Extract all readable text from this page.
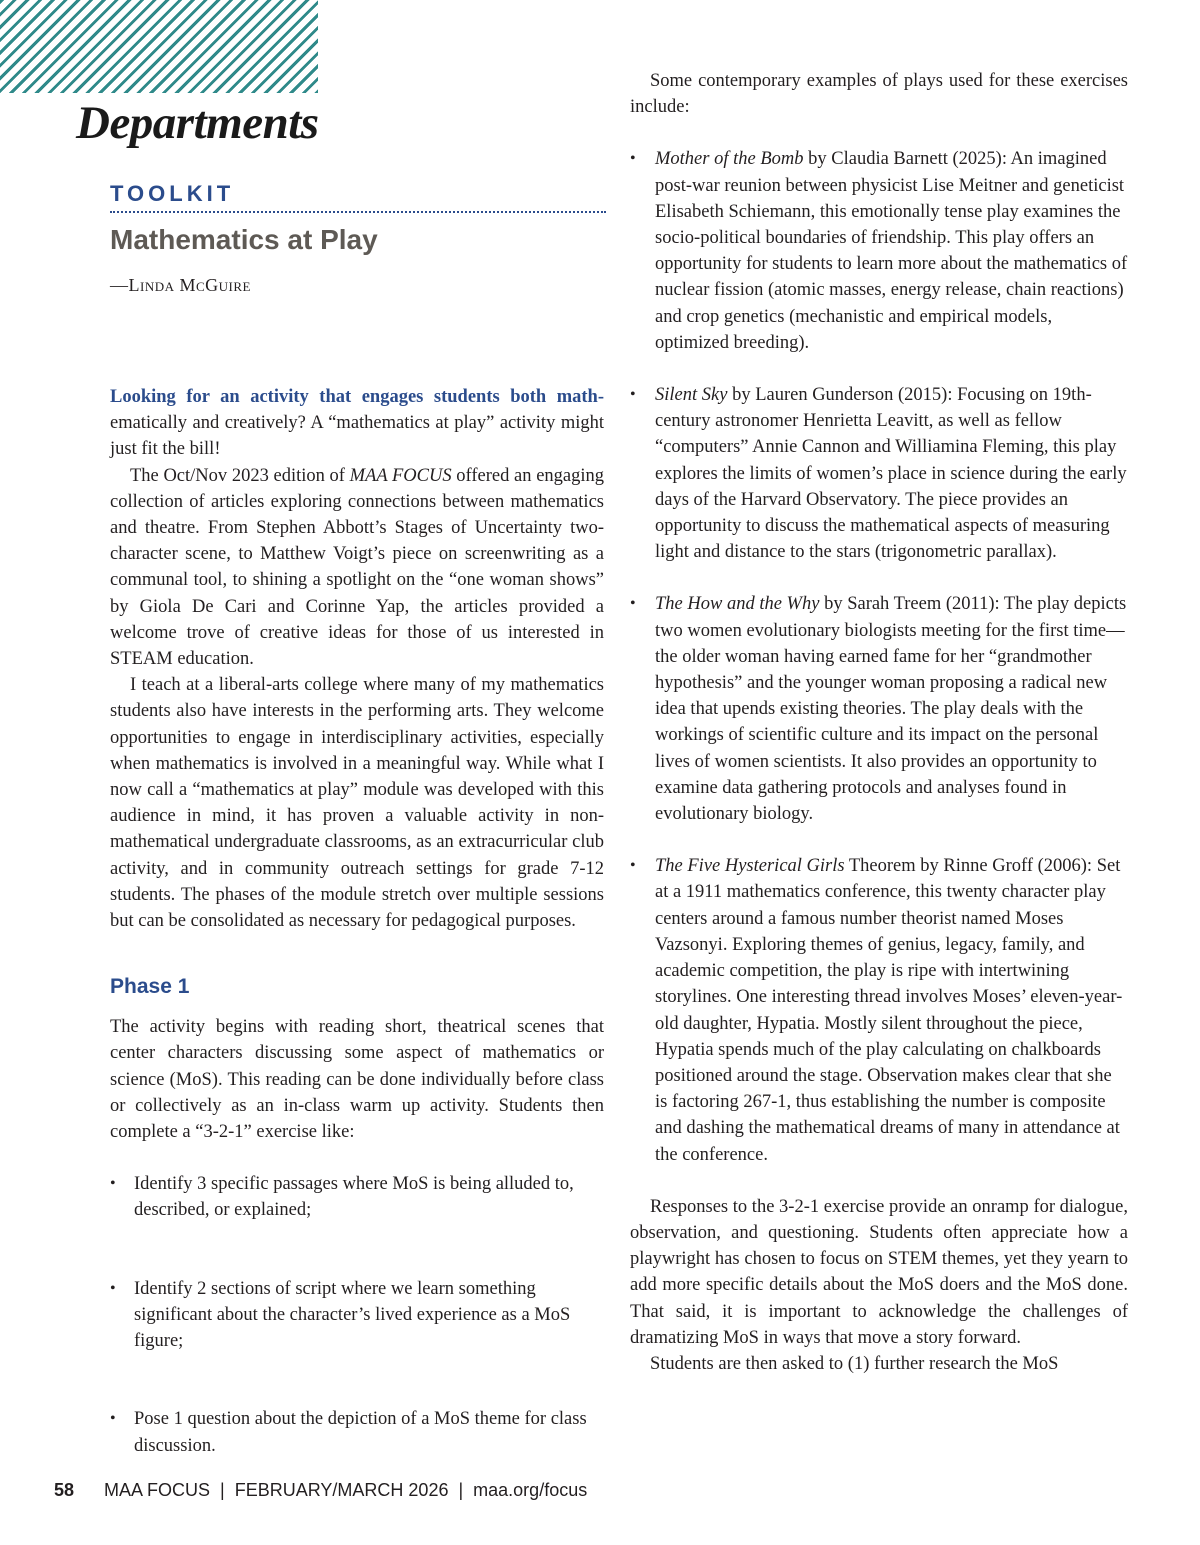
Departments
TOOLKIT
Mathematics at Play
—Linda McGuire

Looking for an activity that engages students both math-ematically and creatively? A “mathematics at play” activity might just fit the bill!

The Oct/Nov 2023 edition of MAA FOCUS offered an engaging collection of articles exploring connections between mathematics and theatre. From Stephen Abbott’s Stages of Uncertainty two-character scene, to Matthew Voigt’s piece on screenwriting as a communal tool, to shining a spotlight on the “one woman shows” by Giola De Cari and Corinne Yap, the articles provided a welcome trove of creative ideas for those of us interested in STEAM education.

I teach at a liberal-arts college where many of my mathematics students also have interests in the performing arts. They welcome opportunities to engage in interdisciplinary activities, especially when mathematics is involved in a meaningful way. While what I now call a “mathematics at play” module was developed with this audience in mind, it has proven a valuable activity in non-mathematical undergraduate classrooms, as an extracurricular club activity, and in community outreach settings for grade 7-12 students. The phases of the module stretch over multiple sessions but can be consolidated as necessary for pedagogical purposes.

Phase 1

The activity begins with reading short, theatrical scenes that center characters discussing some aspect of mathematics or science (MoS). This reading can be done individually before class or collectively as an in-class warm up activity. Students then complete a “3-2-1” exercise like:

• Identify 3 specific passages where MoS is being alluded to, described, or explained;
• Identify 2 sections of script where we learn something significant about the character’s lived experience as a MoS figure;
• Pose 1 question about the depiction of a MoS theme for class discussion.

Some contemporary examples of plays used for these exercises include:

• Mother of the Bomb by Claudia Barnett (2025): An imagined post-war reunion between physicist Lise Meitner and geneticist Elisabeth Schiemann, this emotionally tense play examines the socio-political boundaries of friendship. This play offers an opportunity for students to learn more about the mathematics of nuclear fission (atomic masses, energy release, chain reactions) and crop genetics (mechanistic and empirical models, optimized breeding).
• Silent Sky by Lauren Gunderson (2015): Focusing on 19th-century astronomer Henrietta Leavitt, as well as fellow “computers” Annie Cannon and Williamina Fleming, this play explores the limits of women’s place in science during the early days of the Harvard Observatory. The piece provides an opportunity to discuss the mathematical aspects of measuring light and distance to the stars (trigonometric parallax).
• The How and the Why by Sarah Treem (2011): The play depicts two women evolutionary biologists meeting for the first time—the older woman having earned fame for her “grandmother hypothesis” and the younger woman proposing a radical new idea that upends existing theories. The play deals with the workings of scientific culture and its impact on the personal lives of women scientists. It also provides an opportunity to examine data gathering protocols and analyses found in evolutionary biology.
• The Five Hysterical Girls Theorem by Rinne Groff (2006): Set at a 1911 mathematics conference, this twenty character play centers around a famous number theorist named Moses Vazsonyi. Exploring themes of genius, legacy, family, and academic competition, the play is ripe with intertwining storylines. One interesting thread involves Moses’ eleven-year-old daughter, Hypatia. Mostly silent throughout the piece, Hypatia spends much of the play calculating on chalkboards positioned around the stage. Observation makes clear that she is factoring 267-1, thus establishing the number is composite and dashing the mathematical dreams of many in attendance at the conference.

Responses to the 3-2-1 exercise provide an onramp for dialogue, observation, and questioning. Students often appreciate how a playwright has chosen to focus on STEM themes, yet they yearn to add more specific details about the MoS doers and the MoS done. That said, it is important to acknowledge the challenges of dramatizing MoS in ways that move a story forward.

Students are then asked to (1) further research the MoS

58 MAA FOCUS | FEBRUARY/MARCH 2026 | maa.org/focus
